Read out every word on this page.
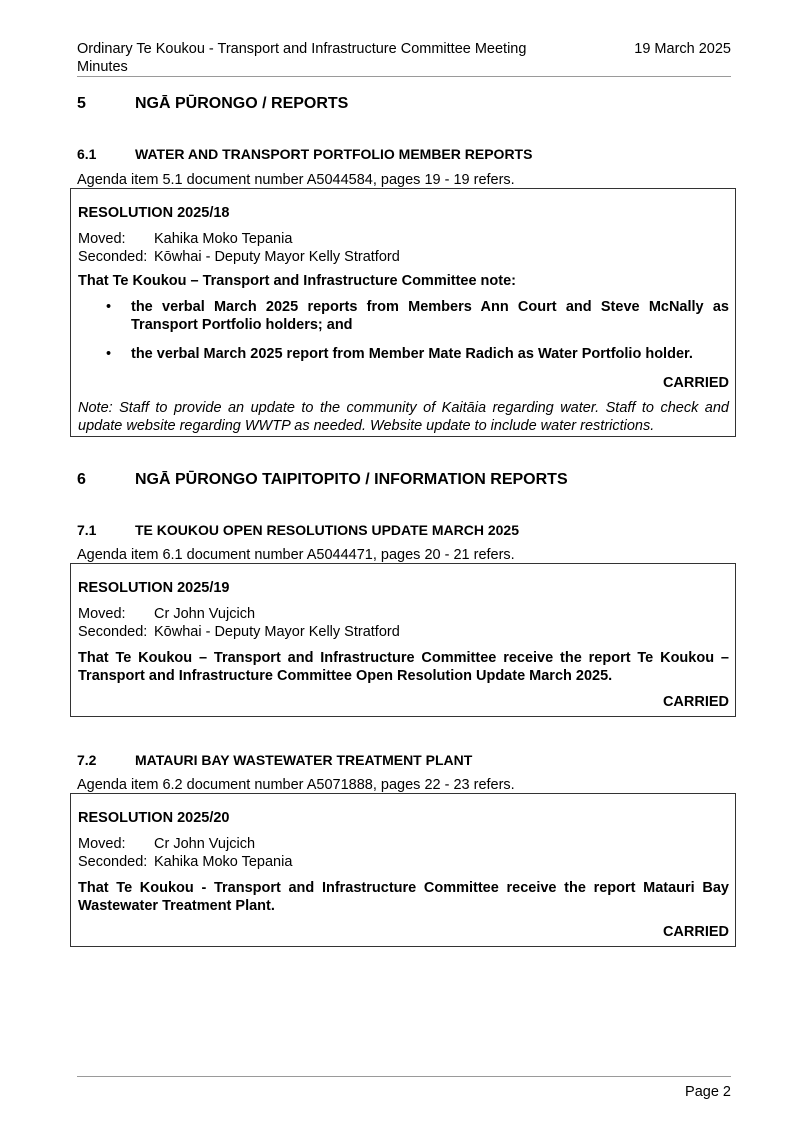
Ordinary Te Koukou - Transport and Infrastructure Committee Meeting Minutes
19 March 2025
5	NGĀ PŪRONGO / REPORTS
6.1	WATER AND TRANSPORT PORTFOLIO MEMBER REPORTS
Agenda item 5.1 document number A5044584, pages 19 - 19 refers.
RESOLUTION 2025/18
Moved: Kahika Moko Tepania
Seconded: Kōwhai - Deputy Mayor Kelly Stratford
That Te Koukou – Transport and Infrastructure Committee note:
• the verbal March 2025 reports from Members Ann Court and Steve McNally as Transport Portfolio holders; and
• the verbal March 2025 report from Member Mate Radich as Water Portfolio holder.
CARRIED
Note: Staff to provide an update to the community of Kaitāia regarding water. Staff to check and update website regarding WWTP as needed. Website update to include water restrictions.
6	NGĀ PŪRONGO TAIPITOPITO / INFORMATION REPORTS
7.1	TE KOUKOU OPEN RESOLUTIONS UPDATE MARCH 2025
Agenda item 6.1 document number A5044471, pages 20 - 21 refers.
RESOLUTION 2025/19
Moved: Cr John Vujcich
Seconded: Kōwhai - Deputy Mayor Kelly Stratford
That Te Koukou – Transport and Infrastructure Committee receive the report Te Koukou – Transport and Infrastructure Committee Open Resolution Update March 2025.
CARRIED
7.2	MATAURI BAY WASTEWATER TREATMENT PLANT
Agenda item 6.2 document number A5071888, pages 22 - 23 refers.
RESOLUTION 2025/20
Moved: Cr John Vujcich
Seconded: Kahika Moko Tepania
That Te Koukou - Transport and Infrastructure Committee receive the report Matauri Bay Wastewater Treatment Plant.
CARRIED
Page 2
